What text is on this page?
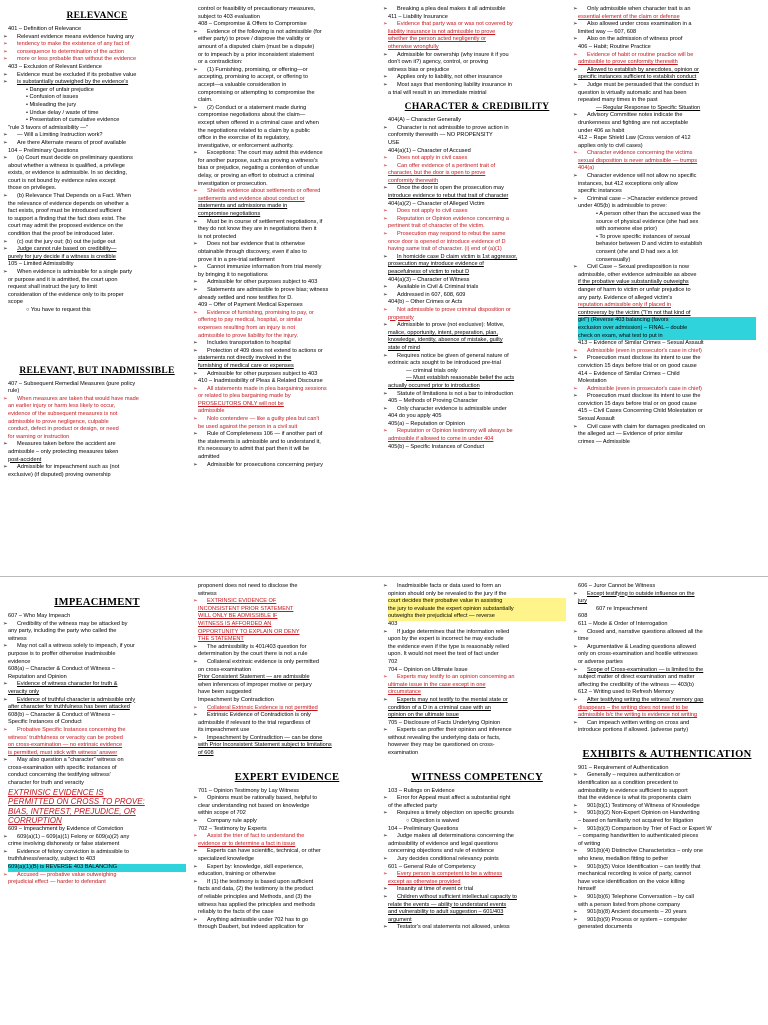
RELEVANCE
401 – Definition of Relevance
➢ Relevant evidence means evidence having any
➢ tendency to make the existence of any fact of
➢ consequence to determination of the action
➢ more or less probable than without the evidence
403 – Exclusion of Relevant Evidence
➢ Evidence must be excluded if its probative value
➢ is substantially outweighed by the evidence's
• Danger of unfair prejudice
• Confusion of issues
• Misleading the jury
• Undue delay / waste of time
• Presentation of cumulative evidence
"rule 3 favors of admissibility —"
➢ — Will a Limiting Instruction work?
➢ Are there Alternate means of proof available
104 – Preliminary Questions
➢ (a) Court must decide on preliminary questions
about whether a witness is qualified, a privilege
exists, or evidence is admissible. In so deciding,
court is not bound by evidence rules except
those on privileges.
➢ (b) Relevance That Depends on a Fact. When
the relevance of evidence depends on whether a
fact exists, proof must be introduced sufficient
to support a finding that the fact does exist. The
court may admit the proposed evidence on the
condition that the proof be introduced later.
➢ (c) out the jury out; (b) out the judge out
➢ Judge cannot rule based on credibility—
purely for jury decide if a witness is credible
105 – Limited Admissibility
➢ When evidence is admissible for a single party
or purpose and it is admitted, the court upon
request shall instruct the jury to limit
consideration of the evidence only to its proper
scope
○ You have to request this
RELEVANT, BUT INADMISSIBLE
407 – Subsequent Remedial Measures (pure policy
rule)
➢ When measures are taken that would have made
an earlier injury or harm less likely to occur,
evidence of the subsequent measures is not
admissible to prove negligence, culpable
conduct, defect in product or design, or need
for warning or instruction
➢ Measures taken before the accident are
admissible – only protecting measures taken
post-accident
➢ Admissible for impeachment such as (not
exclusive) (if disputed) proving ownership
control or feasibility of precautionary measures,
subject to 403 evaluation
408 – Compromise & Offers to Compromise
➢ Evidence of the following is not admissible (for
either party) to prove / disprove the validity or
amount of a disputed claim (must be a dispute)
or to impeach by a prior inconsistent statement
or a contradiction:
➢ (1) Furnishing, promising, or offering—or
accepting, promising to accept, or offering to
accept—a valuable consideration in
compromising or attempting to compromise the
claim.
➢ (2) Conduct or a statement made during
compromise negotiations about the claim—
except when offered in a criminal case and when
the negotiations related to a claim by a public
office in the exercise of its regulatory,
investigative, or enforcement authority.
➢ Exceptions: The court may admit this evidence
for another purpose, such as proving a witness's
bias or prejudice, negating a contention of undue
delay, or proving an effort to obstruct a criminal
investigation or prosecution.
➢ Shields evidence about settlements or offered
settlements and evidence about conduct or
statements and admissions made in
compromise negotiations
➢ Must be in course of settlement negotiations, if
they do not know they are in negotiations then it
is not protected
➢ Does not bar evidence that is otherwise
obtainable through discovery, even if also to
prove it in a pre-trial settlement
➢ Cannot immunize information from trial merely
by bringing it to negotiations
➢ Admissible for other purposes subject to 403
➢ Statements are admissible to prove bias; witness
already settled and now testifies for D.
409 – Offer of Payment Medical Expenses
➢ Evidence of furnishing, promising to pay, or
offering to pay medical, hospital, or similar
expenses resulting from an injury is not
admissible to prove liability for the injury.
➢ Includes transportation to hospital
➢ Protection of 409 does not extend to actions or
statements not directly involved in the
furnishing of medical care or expenses
➢ Admissible for other purposes subject to 403
410 – Inadmissibility of Pleas & Related Discourse
➢ All statements made in plea bargaining sessions
or related to plea bargaining made by
PROSECUTORS ONLY will not be
admissible
➢ Nolo contendere — like a guilty plea but can't
be used against the person in a civil suit
➢ Rule of Completeness 106 — if another part of
the statements is admissible and to understand it,
it's necessary to admit that part then it will be
admitted
➢ Admissible for prosecutions concerning perjury
➢ Breaking a plea deal makes it all admissible
411 – Liability Insurance
➢ Evidence that party was or was not covered by
liability insurance is not admissible to prove
whether the person acted negligently or
otherwise wrongfully
➢ Admissible for ownership (why insure it if you
don't own it?) agency, control, or proving
witness bias or prejudice
➢ Applies only to liability, not other insurance
➢ Most says that mentioning liability insurance in
a trial will result in an immediate mistrial
CHARACTER & CREDIBILITY
404(A) – Character Generally
➢ Character is not admissible to prove action in
conformity therewith — NO PROPENSITY
USE
404(a)(1) – Character of Accused
➢ Does not apply in civil cases
➢ Can offer evidence of a pertinent trait of
character, but the door is open to prove
conformity therewith
➢ Once the door is open the prosecution may
introduce evidence to rebut that trait of character
404(a)(2) – Character of Alleged Victim
➢ Does not apply to civil cases
➢ Reputation or Opinion evidence concerning a
pertinent trait of character of the victim.
➢ Prosecution may respond to rebut the same
once door is opened or introduce evidence of D
having same trait of character. (i) end of (a)(1)
➢ In homicide case D claim victim is 1st aggressor,
prosecution may introduce evidence of
peacefulness of victim to rebut D
404(a)(3) – Character of Witness
➢ Available in Civil & Criminal trials
➢ Addressed in 607, 608, 609
404(b) – Other Crimes or Acts
➢ Not admissible to prove criminal disposition or
propensity
➢ Admissible to prove (not exclusive): Motive,
malice, opportunity, intent, preparation, plan,
knowledge, identity, absence of mistake, guilty
state of mind
➢ Requires notice be given of general nature of
extrinsic acts sought to be introduced pre-trial
— criminal trials only
— Must establish reasonable belief the acts
actually occurred prior to introduction
➢ Statute of limitations is not a bar to introduction
405 – Methods of Proving Character
➢ Only character evidence is admissible under
404 do you apply 405
405(a) – Reputation or Opinion
➢ Reputation or Opinion testimony will always be
admissible if allowed to come in under 404
405(b) – Specific Instances of Conduct
➢ Only admissible when character trait is an
essential element of the claim or defense
➢ Also allowed under cross examination in a
limited way — 607, 608
➢ Also on the admission of witness proof
406 – Habit; Routine Practice
➢ Evidence of habit or routine practice will be
admissible to prove conformity therewith
➢ Allowed to establish by anecdotes, opinion or
specific instances sufficient to establish conduct
➢ Judge must be persuaded that the conduct in
question is virtually automatic and has been
repeated many times in the past
— Regular Response to Specific Situation
➢ Advisory Committee notes indicate the
drunkenness and fighting are not acceptable
under 406 as habit
412 – Rape Shield Law (Cross version of 412
applies only to civil cases)
➢ Character evidence concerning the victims
sexual disposition is never admissible — trumps
404(a)
➢ Character evidence will not allow no specific
instances, but 412 exceptions only allow
specific instances
➢ Criminal case – >Character evidence proved
under 405(b) is admissible to prove:
• A person other than the accused was the
source of physical evidence (she had sex
with someone else prior)
• To prove specific instances of sexual
behavior between D and victim to establish
consent (she and D had sex a lot
consensually)
➢ Civil Case – Sexual predisposition is now
admissible, other evidence admissible as above
if the probative value substantially outweighs
danger of harm to victim or unfair prejudice to
any party. Evidence of alleged victim's
reputation admissible only if placed in
controversy by the victim ("I'm not that kind of
girl") (Reverse 403 balancing (favors
exclusion over admission) – FINAL – double
check on exam, what test to put in
413 – Evidence of Similar Crimes – Sexual Assault
➢ Admissible (even in prosecutor's case in chief)
➢ Prosecution must disclose its intent to use the
conviction 15 days before trial or on good cause
414 – Evidence of Similar Crimes – Child
Molestation
➢ Admissible (even in prosecutor's case in chief)
➢ Prosecution must disclose its intent to use the
conviction 15 days before trial or on good cause
415 – Civil Cases Concerning Child Molestation or
Sexual Assault
➢ Civil case with claim for damages predicated on
the alleged act — Evidence of prior similar
crimes — Admissible
IMPEACHMENT
607 – Who May Impeach
➢ Credibility of the witness may be attacked by
any party, including the party who called the
witness
➢ May not call a witness solely to impeach, if your
purpose is to proffer otherwise inadmissible
evidence
608(a) – Character & Conduct of Witness –
Reputation and Opinion
➢ Evidence of witness character for truth &
veracity only
➢ Evidence of truthful character is admissible only
after character for truthfulness has been attacked
608(b) – Character & Conduct of Witness –
Specific Instances of Conduct
➢ Probative Specific Instances concerning the
witness' truthfulness or veracity can be probed
on cross-examination — no extrinsic evidence
is permitted, must stick with witness' answer
➢ May also question a "character" witness on
cross-examination with specific instances of
conduct concerning the testifying witness'
character for truth and veracity
EXTRINSIC EVIDENCE IS
PERMITTED ON CROSS TO PROVE:
BIAS, INTEREST, PREJUDICE, OR
CORRUPTION
609 – Impeachment by Evidence of Conviction
➢ 609(a)(1) – 609(a)(1) Felony or 609(a)(2) any
crime involving dishonesty or false statement
➢ Evidence of felony conviction is admissible to
truthfulness/veracity, subject to 403
609(a)(1)(B) is REVERSE 403 BALANCING
➢ Accused — probative value outweighing
prejudicial effect — harder to defendant
proponent does not need to disclose the
witness
➢ EXTRINSIC EVIDENCE OF
INCONSISTENT PRIOR STATEMENT
WILL ONLY BE ADMISSIBLE IF
WITNESS IS AFFORDED AN
OPPORTUNITY TO EXPLAIN OR DENY
THE STATEMENT
➢ The admissibility is 401/403 question for
determination by the court there is not a rule
➢ Collateral extrinsic evidence is only permitted
on cross-examination
Prior Consistent Statement — are admissible
when inferences of improper motive or perjury
have been suggested
Impeachment by Contradiction
➢ Collateral Extrinsic Evidence is not permitted
➢ Extrinsic Evidence of Contradiction is only
admissible if relevant to the trial regardless of
its impeachment use
➢ Impeachment by Contradiction — can be done
with Prior Inconsistent Statement subject to limitations
of 608
EXPERT EVIDENCE
701 – Opinion Testimony by Lay Witness
➢ Opinions must be rationally based, helpful to
clear understanding not based on knowledge
within scope of 702
➢ Company rule apply
702 – Testimony by Experts
➢ Assist the trier of fact to understand the
evidence or to determine a fact in issue
➢ Experts can have scientific, technical, or other
specialized knowledge
➢ Expert by: knowledge, skill experience,
education, training or otherwise
➢ If (1) the testimony is based upon sufficient
facts and data, (2) the testimony is the product
of reliable principles and Methods, and (3) the
witness has applied the principles and methods
reliably to the facts of the case
➢ Anything admissible under 702 has to go
through Daubert, but indeed application for
➢ Inadmissible facts or data used to form an
opinion should only be revealed to the jury if the
court decides their probative value in assisting
the jury to evaluate the expert opinion substantially
outweighs their prejudicial effect — reverse
403
➢ If judge determines that the information relied
upon by the expert is incorrect he may exclude
the evidence even if the type is reasonably relied
upon. It would not meet the test of fact under
702
704 – Opinion on Ultimate Issue
➢ Experts may testify to an opinion concerning an
ultimate issue in the case except in one
circumstance
➢ Experts may not testify to the mental state or
condition of a D in a criminal case with an
opinion on the ultimate issue
705 – Disclosure of Facts Underlying Opinion
➢ Experts can proffer their opinion and inference
without revealing the underlying data or facts,
however they may be questioned on cross-
examination
WITNESS COMPETENCY
103 – Rulings on Evidence
➢ Error for Appeal must affect a substantial right
of the affected party
➢ Requires a timely objection on specific grounds
○ Objection is waived
104 – Preliminary Questions
➢ Judge makes all determinations concerning the
admissibility of evidence and legal questions
concerning objections and rule of evidence
➢ Jury decides conditional relevancy points
601 – General Rule of Competency
➢ Every person is competent to be a witness
except as otherwise provided
➢ Insanity at time of event or trial
➢ Children without sufficient intellectual capacity to
relate the events — ability to understand events
and vulnerability to adult suggestion – 601/403
argument
➢ Testator's oral statements not allowed, unless
606 – Juror Cannot be Witness
➢ Except testifying to outside influence on the
jury
607 re Impeachment
608
611 – Mode & Order of Interrogation
➢ Closed and, narrative questions allowed all the
time
➢ Argumentative & Leading questions allowed
only on cross-examination and hostile witnesses
or adverse parties
➢ Scope of Cross-examination — is limited to the
subject matter of direct examination and matter
affecting the credibility of the witness — 403(b)
612 – Writing used to Refresh Memory
➢ After testifying writing the witness' memory gap
disappears – the writing does not need to be
admissible b/c the writing is evidence not writing
➢ Can impeach written writing on cross and
introduce portions if allowed. (adverse party)
EXHIBITS & AUTHENTICATION
901 – Requirement of Authentication
➢ Generally – requires authentication or
identification as a condition precedent to
admissibility is evidence sufficient to support
that the evidence is what its proponents claim
➢ 901(b)(1) Testimony of Witness of Knowledge
➢ 901(b)(2) Non-Expert Opinion on Handwriting
– based on familiarity not acquired for litigation
➢ 901(b)(3) Comparison by Trier of Fact or Expert W
– comparing handwritten to authenticated pieces
of writing
➢ 901(b)(4) Distinctive Characteristics – only one
who knew, medallion fitting to pether
➢ 901(b)(5) Voice Identification – can testify that
mechanical recording is voice of party, cannot
have voice identification on the voice killing
himself
➢ 901(b)(6) Telephone Conversation – by call
with a person listed from phone company
➢ 901(b)(8) Ancient documents – 20 years
➢ 901(b)(9) Process or system – computer
generated documents
